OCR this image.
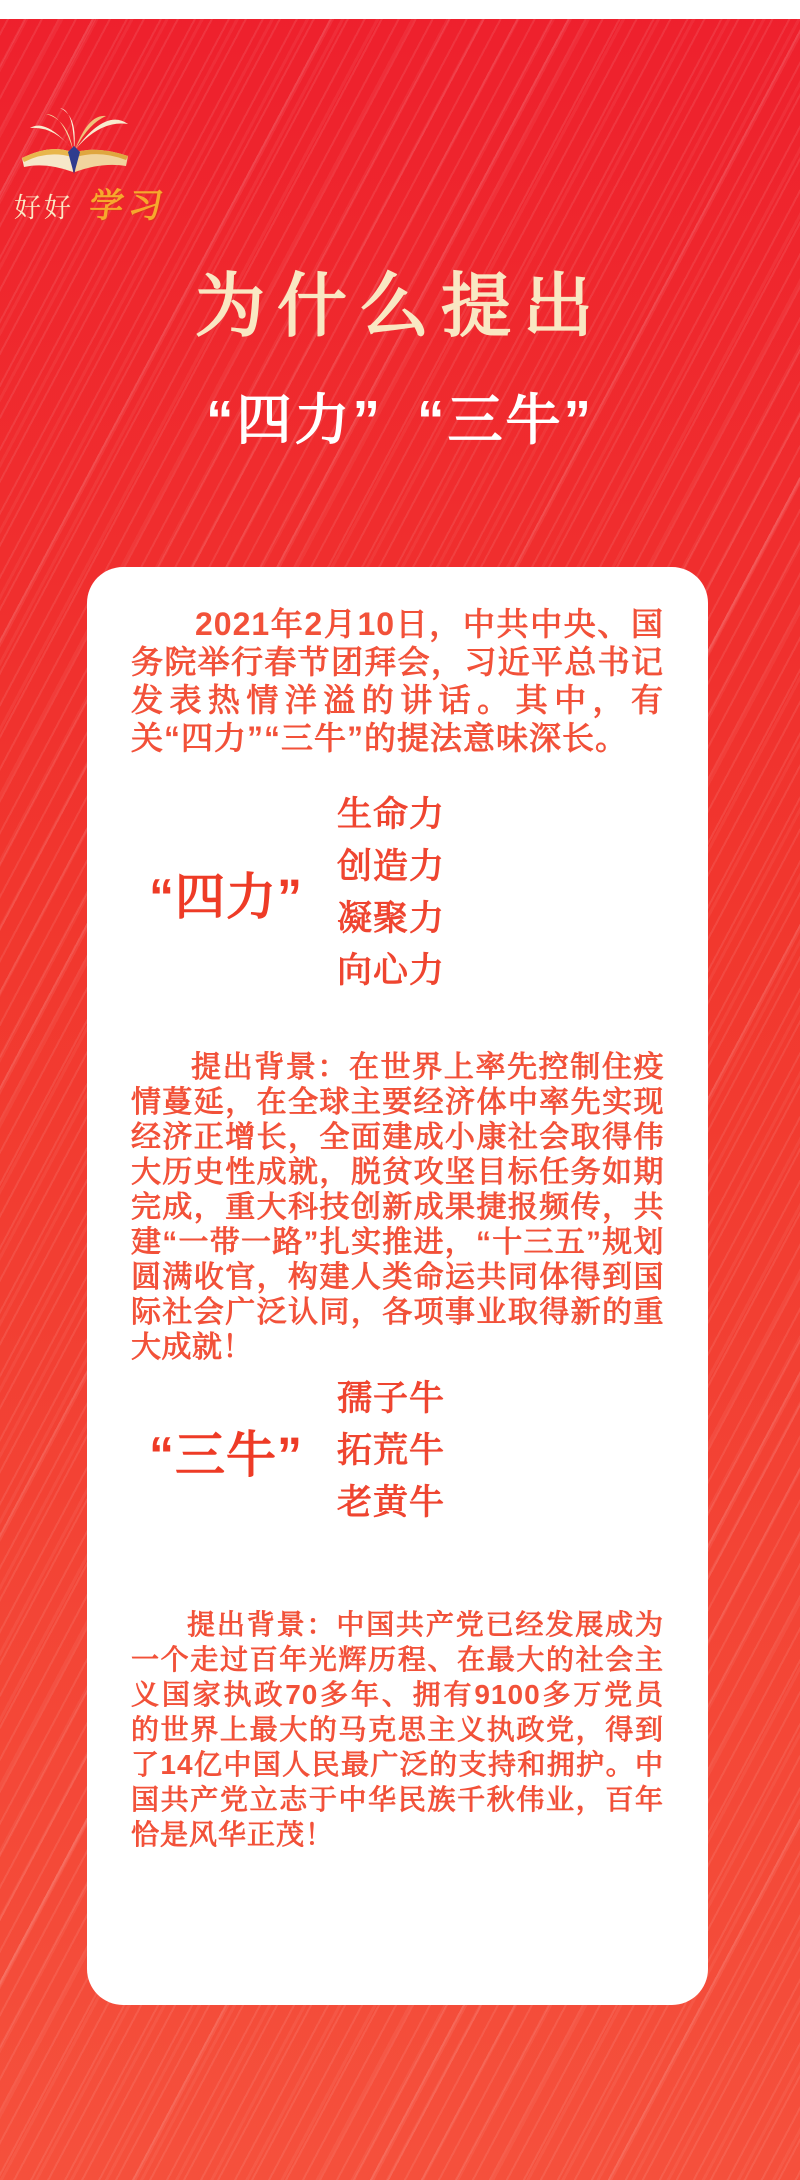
好好 学习
为什么提出
“四力” “三牛”

2021年2月10日，中共中央、国务院举行春节团拜会，习近平总书记发表热情洋溢的讲话。其中，有关“四力”“三牛”的提法意味深长。

“四力”
生命力
创造力
凝聚力
向心力

提出背景：在世界上率先控制住疫情蔓延，在全球主要经济体中率先实现经济正增长，全面建成小康社会取得伟大历史性成就，脱贫攻坚目标任务如期完成，重大科技创新成果捷报频传，共建“一带一路”扎实推进，“十三五”规划圆满收官，构建人类命运共同体得到国际社会广泛认同，各项事业取得新的重大成就！

“三牛”
孺子牛
拓荒牛
老黄牛

提出背景：中国共产党已经发展成为一个走过百年光辉历程、在最大的社会主义国家执政70多年、拥有9100多万党员的世界上最大的马克思主义执政党，得到了14亿中国人民最广泛的支持和拥护。中国共产党立志于中华民族千秋伟业，百年恰是风华正茂！
